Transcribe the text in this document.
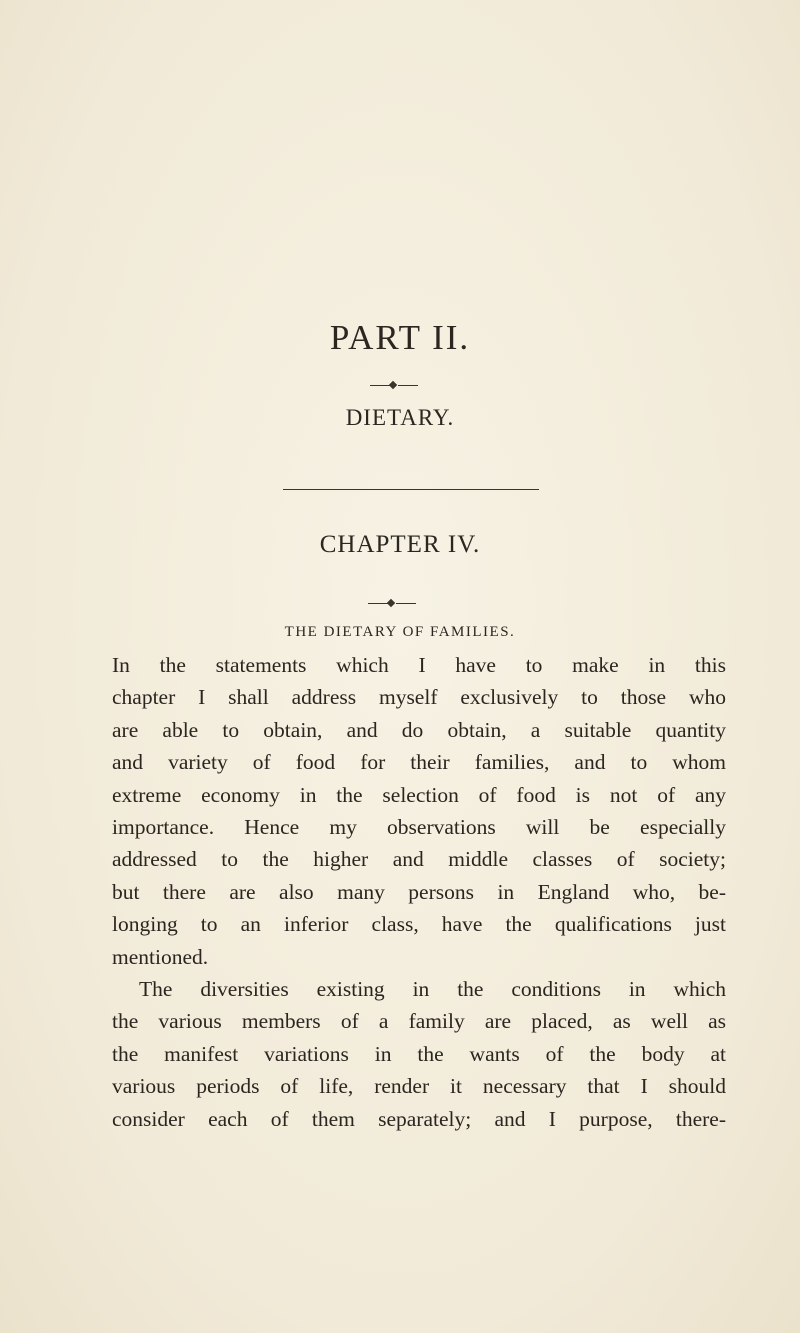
PART II.
DIETARY.
CHAPTER IV.
THE DIETARY OF FAMILIES.
In the statements which I have to make in this
chapter I shall address myself exclusively to those who
are able to obtain, and do obtain, a suitable quantity
and variety of food for their families, and to whom
extreme economy in the selection of food is not of any
importance. Hence my observations will be especially
addressed to the higher and middle classes of society;
but there are also many persons in England who, be-
longing to an inferior class, have the qualifications just
mentioned.
The diversities existing in the conditions in which
the various members of a family are placed, as well as
the manifest variations in the wants of the body at
various periods of life, render it necessary that I should
consider each of them separately; and I purpose, there-
